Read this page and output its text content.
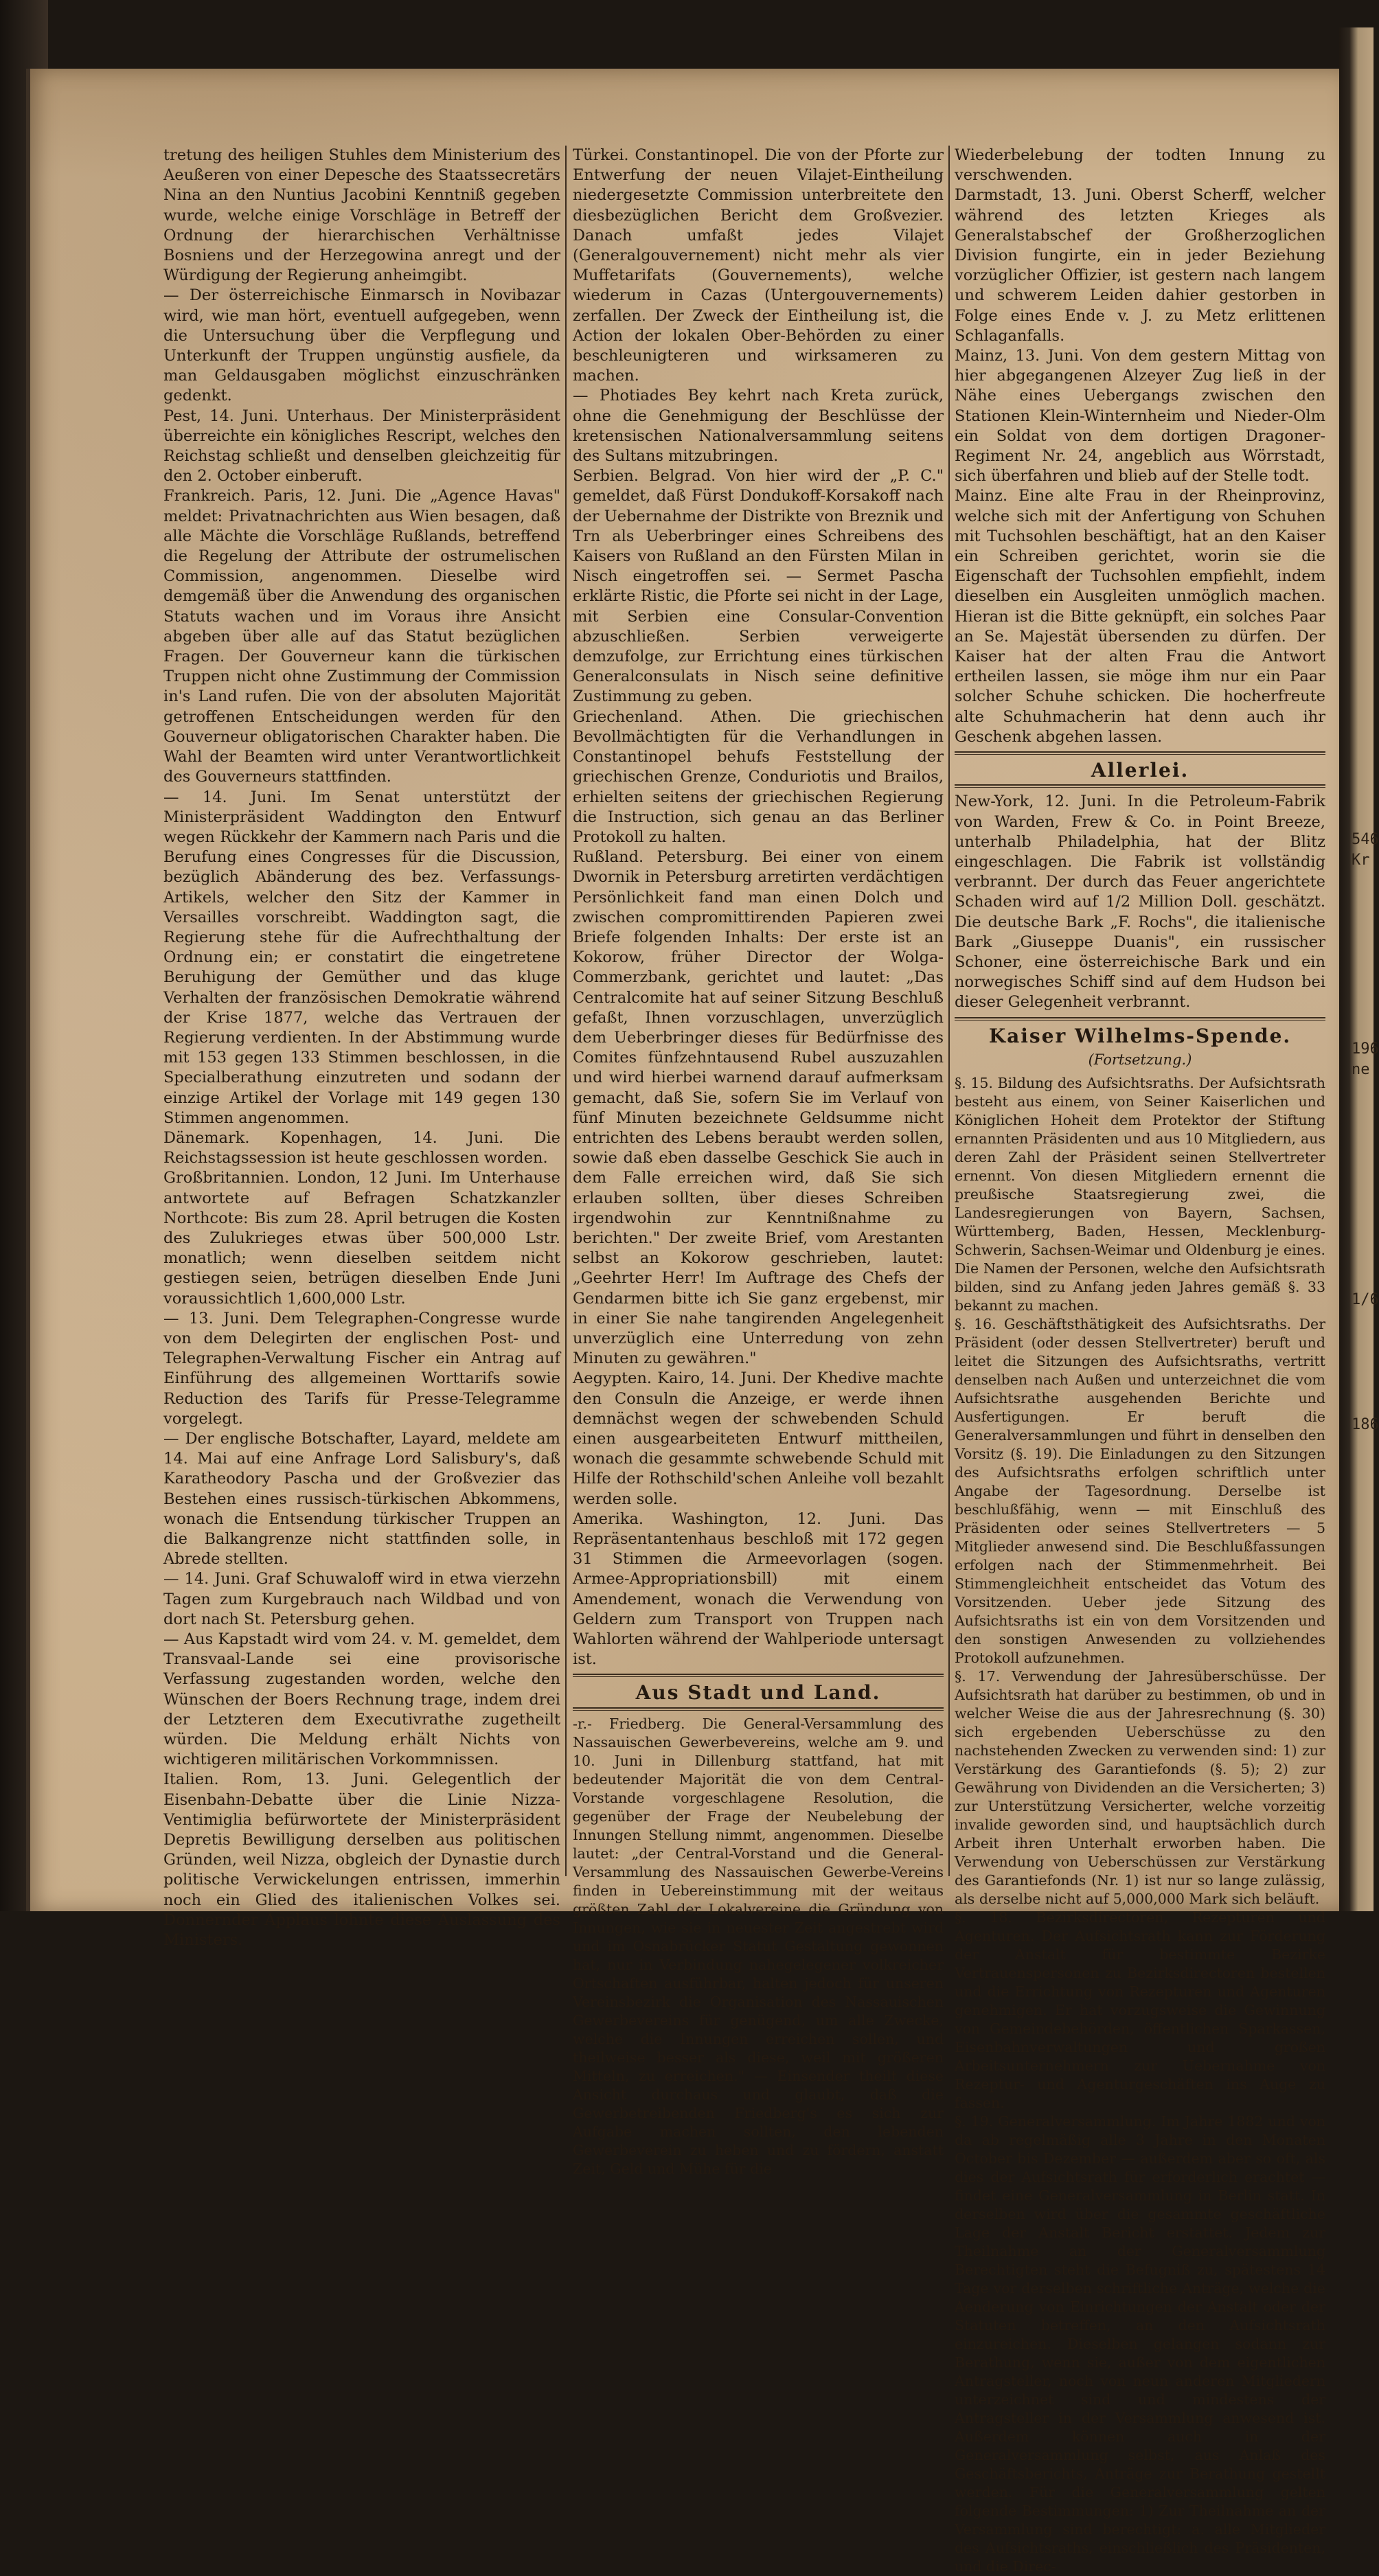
546
Kr
196
186
ne
1/6

tretung des heiligen Stuhles dem Ministerium des Aeußeren von einer Depesche des Staatssecretärs Nina an den Nuntius Jacobini Kenntniß gegeben wurde, welche einige Vorschläge in Betreff der Ordnung der hierarchischen Verhältnisse Bosniens und der Herzegowina anregt und der Würdigung der Regierung anheimgibt.

— Der österreichische Einmarsch in Novibazar wird, wie man hört, eventuell aufgegeben, wenn die Untersuchung über die Verpflegung und Unterkunft der Truppen ungünstig ausfiele, da man Geldausgaben möglichst einzuschränken gedenkt.

Pest, 14. Juni. Unterhaus. Der Ministerpräsident überreichte ein königliches Rescript, welches den Reichstag schließt und denselben gleichzeitig für den 2. October einberuft.

Frankreich. Paris, 12. Juni. Die „Agence Havas" meldet: Privatnachrichten aus Wien besagen, daß alle Mächte die Vorschläge Rußlands, betreffend die Regelung der Attribute der ostrumelischen Commission, angenommen. Dieselbe wird demgemäß über die Anwendung des organischen Statuts wachen und im Voraus ihre Ansicht abgeben über alle auf das Statut bezüglichen Fragen. Der Gouverneur kann die türkischen Truppen nicht ohne Zustimmung der Commission in's Land rufen. Die von der absoluten Majorität getroffenen Entscheidungen werden für den Gouverneur obligatorischen Charakter haben. Die Wahl der Beamten wird unter Verantwortlichkeit des Gouverneurs stattfinden.

— 14. Juni. Im Senat unterstützt der Ministerpräsident Waddington den Entwurf wegen Rückkehr der Kammern nach Paris und die Berufung eines Congresses für die Discussion, bezüglich Abänderung des bez. Verfassungs-Artikels, welcher den Sitz der Kammer in Versailles vorschreibt. Waddington sagt, die Regierung stehe für die Aufrechthaltung der Ordnung ein; er constatirt die eingetretene Beruhigung der Gemüther und das kluge Verhalten der französischen Demokratie während der Krise 1877, welche das Vertrauen der Regierung verdienten. In der Abstimmung wurde mit 153 gegen 133 Stimmen beschlossen, in die Specialberathung einzutreten und sodann der einzige Artikel der Vorlage mit 149 gegen 130 Stimmen angenommen.

Dänemark. Kopenhagen, 14. Juni. Die Reichstagssession ist heute geschlossen worden.

Großbritannien. London, 12 Juni. Im Unterhause antwortete auf Befragen Schatzkanzler Northcote: Bis zum 28. April betrugen die Kosten des Zulukrieges etwas über 500,000 Lstr. monatlich; wenn dieselben seitdem nicht gestiegen seien, betrügen dieselben Ende Juni voraussichtlich 1,600,000 Lstr.

— 13. Juni. Dem Telegraphen-Congresse wurde von dem Delegirten der englischen Post- und Telegraphen-Verwaltung Fischer ein Antrag auf Einführung des allgemeinen Worttarifs sowie Reduction des Tarifs für Presse-Telegramme vorgelegt.

— Der englische Botschafter, Layard, meldete am 14. Mai auf eine Anfrage Lord Salisbury's, daß Karatheodory Pascha und der Großvezier das Bestehen eines russisch-türkischen Abkommens, wonach die Entsendung türkischer Truppen an die Balkangrenze nicht stattfinden solle, in Abrede stellten.

— 14. Juni. Graf Schuwaloff wird in etwa vierzehn Tagen zum Kurgebrauch nach Wildbad und von dort nach St. Petersburg gehen.

— Aus Kapstadt wird vom 24. v. M. gemeldet, dem Transvaal-Lande sei eine provisorische Verfassung zugestanden worden, welche den Wünschen der Boers Rechnung trage, indem drei der Letzteren dem Executivrathe zugetheilt würden. Die Meldung erhält Nichts von wichtigeren militärischen Vorkommnissen.

Italien. Rom, 13. Juni. Gelegentlich der Eisenbahn-Debatte über die Linie Nizza-Ventimiglia befürwortete der Ministerpräsident Depretis Bewilligung derselben aus politischen Gründen, weil Nizza, obgleich der Dynastie durch politische Verwickelungen entrissen, immerhin noch ein Glied des italienischen Volkes sei. Donnernder Applaus lohnte diese Auslassung des Ministers.

Türkei. Constantinopel. Die von der Pforte zur Entwerfung der neuen Vilajet-Eintheilung niedergesetzte Commission unterbreitete den diesbezüglichen Bericht dem Großvezier. Danach umfaßt jedes Vilajet (Generalgouvernement) nicht mehr als vier Muffetarifats (Gouvernements), welche wiederum in Cazas (Untergouvernements) zerfallen. Der Zweck der Eintheilung ist, die Action der lokalen Ober-Behörden zu einer beschleunigteren und wirksameren zu machen.

— Photiades Bey kehrt nach Kreta zurück, ohne die Genehmigung der Beschlüsse der kretensischen Nationalversammlung seitens des Sultans mitzubringen.

Serbien. Belgrad. Von hier wird der „P. C." gemeldet, daß Fürst Dondukoff-Korsakoff nach der Uebernahme der Distrikte von Breznik und Trn als Ueberbringer eines Schreibens des Kaisers von Rußland an den Fürsten Milan in Nisch eingetroffen sei. — Sermet Pascha erklärte Ristic, die Pforte sei nicht in der Lage, mit Serbien eine Consular-Convention abzuschließen. Serbien verweigerte demzufolge, zur Errichtung eines türkischen Generalconsulats in Nisch seine definitive Zustimmung zu geben.

Griechenland. Athen. Die griechischen Bevollmächtigten für die Verhandlungen in Constantinopel behufs Feststellung der griechischen Grenze, Conduriotis und Brailos, erhielten seitens der griechischen Regierung die Instruction, sich genau an das Berliner Protokoll zu halten.

Rußland. Petersburg. Bei einer von einem Dwornik in Petersburg arretirten verdächtigen Persönlichkeit fand man einen Dolch und zwischen compromittirenden Papieren zwei Briefe folgenden Inhalts: Der erste ist an Kokorow, früher Director der Wolga-Commerzbank, gerichtet und lautet: „Das Centralcomite hat auf seiner Sitzung Beschluß gefaßt, Ihnen vorzuschlagen, unverzüglich dem Ueberbringer dieses für Bedürfnisse des Comites fünfzehntausend Rubel auszuzahlen und wird hierbei warnend darauf aufmerksam gemacht, daß Sie, sofern Sie im Verlauf von fünf Minuten bezeichnete Geldsumme nicht entrichten des Lebens beraubt werden sollen, sowie daß eben dasselbe Geschick Sie auch in dem Falle erreichen wird, daß Sie sich erlauben sollten, über dieses Schreiben irgendwohin zur Kenntnißnahme zu berichten." Der zweite Brief, vom Arestanten selbst an Kokorow geschrieben, lautet: „Geehrter Herr! Im Auftrage des Chefs der Gendarmen bitte ich Sie ganz ergebenst, mir in einer Sie nahe tangirenden Angelegenheit unverzüglich eine Unterredung von zehn Minuten zu gewähren."

Aegypten. Kairo, 14. Juni. Der Khedive machte den Consuln die Anzeige, er werde ihnen demnächst wegen der schwebenden Schuld einen ausgearbeiteten Entwurf mittheilen, wonach die gesammte schwebende Schuld mit Hilfe der Rothschild'schen Anleihe voll bezahlt werden solle.

Amerika. Washington, 12. Juni. Das Repräsentantenhaus beschloß mit 172 gegen 31 Stimmen die Armeevorlagen (sogen. Armee-Appropriationsbill) mit einem Amendement, wonach die Verwendung von Geldern zum Transport von Truppen nach Wahlorten während der Wahlperiode untersagt ist.

Aus Stadt und Land.

-r.- Friedberg. Die General-Versammlung des Nassauischen Gewerbevereins, welche am 9. und 10. Juni in Dillenburg stattfand, hat mit bedeutender Majorität die von dem Central-Vorstande vorgeschlagene Resolution, die gegenüber der Frage der Neubelebung der Innungen Stellung nimmt, angenommen. Dieselbe lautet: „der Central-Vorstand und die General-Versammlung des Nassauischen Gewerbe-Vereins finden in Uebereinstimmung mit der weitaus größten Zahl der Lokalvereine die Gründung von Innungen, wie sie in neuester Zeit angestrebt wird und im Osnabrücker Statut Gestaltung gewonnen hat, nur in Verbindung nahegelegener volkreicher Ortschaften ausführbar, halten jedoch für unseren Vereinsbezirk die Organisation des Nassauischen Gewerbevereins für genügend, um alle Zwecke, welche die Innungen erreichen sollen, und theilweise besser als diese, weil mit größeren Mitteln, zu erreichen." — Einsender theilt diese Ansicht durchaus und glaubt, daß die Gewerbetreibenden Friedberg's es sich zur Aufgabe machen sollten, den lebenden Gewerbeverein zu heben und zu fördern, anstatt Zeit, Geld und Mühe für die

Wiederbelebung der todten Innung zu verschwenden.

Darmstadt, 13. Juni. Oberst Scherff, welcher während des letzten Krieges als Generalstabschef der Großherzoglichen Division fungirte, ein in jeder Beziehung vorzüglicher Offizier, ist gestern nach langem und schwerem Leiden dahier gestorben in Folge eines Ende v. J. zu Metz erlittenen Schlaganfalls.

Mainz, 13. Juni. Von dem gestern Mittag von hier abgegangenen Alzeyer Zug ließ in der Nähe eines Uebergangs zwischen den Stationen Klein-Winternheim und Nieder-Olm ein Soldat von dem dortigen Dragoner-Regiment Nr. 24, angeblich aus Wörrstadt, sich überfahren und blieb auf der Stelle todt.

Mainz. Eine alte Frau in der Rheinprovinz, welche sich mit der Anfertigung von Schuhen mit Tuchsohlen beschäftigt, hat an den Kaiser ein Schreiben gerichtet, worin sie die Eigenschaft der Tuchsohlen empfiehlt, indem dieselben ein Ausgleiten unmöglich machen. Hieran ist die Bitte geknüpft, ein solches Paar an Se. Majestät übersenden zu dürfen. Der Kaiser hat der alten Frau die Antwort ertheilen lassen, sie möge ihm nur ein Paar solcher Schuhe schicken. Die hocherfreute alte Schuhmacherin hat denn auch ihr Geschenk abgehen lassen.

Allerlei.

New-York, 12. Juni. In die Petroleum-Fabrik von Warden, Frew & Co. in Point Breeze, unterhalb Philadelphia, hat der Blitz eingeschlagen. Die Fabrik ist vollständig verbrannt. Der durch das Feuer angerichtete Schaden wird auf 1/2 Million Doll. geschätzt. Die deutsche Bark „F. Rochs", die italienische Bark „Giuseppe Duanis", ein russischer Schoner, eine österreichische Bark und ein norwegisches Schiff sind auf dem Hudson bei dieser Gelegenheit verbrannt.

Kaiser Wilhelms-Spende.
(Fortsetzung.)

§. 15. Bildung des Aufsichtsraths. Der Aufsichtsrath besteht aus einem, von Seiner Kaiserlichen und Königlichen Hoheit dem Protektor der Stiftung ernannten Präsidenten und aus 10 Mitgliedern, aus deren Zahl der Präsident seinen Stellvertreter ernennt. Von diesen Mitgliedern ernennt die preußische Staatsregierung zwei, die Landesregierungen von Bayern, Sachsen, Württemberg, Baden, Hessen, Mecklenburg-Schwerin, Sachsen-Weimar und Oldenburg je eines. Die Namen der Personen, welche den Aufsichtsrath bilden, sind zu Anfang jeden Jahres gemäß §. 33 bekannt zu machen.

§. 16. Geschäftsthätigkeit des Aufsichtsraths. Der Präsident (oder dessen Stellvertreter) beruft und leitet die Sitzungen des Aufsichtsraths, vertritt denselben nach Außen und unterzeichnet die vom Aufsichtsrathe ausgehenden Berichte und Ausfertigungen. Er beruft die Generalversammlungen und führt in denselben den Vorsitz (§. 19). Die Einladungen zu den Sitzungen des Aufsichtsraths erfolgen schriftlich unter Angabe der Tagesordnung. Derselbe ist beschlußfähig, wenn — mit Einschluß des Präsidenten oder seines Stellvertreters — 5 Mitglieder anwesend sind. Die Beschlußfassungen erfolgen nach der Stimmenmehrheit. Bei Stimmengleichheit entscheidet das Votum des Vorsitzenden. Ueber jede Sitzung des Aufsichtsraths ist ein von dem Vorsitzenden und den sonstigen Anwesenden zu vollziehendes Protokoll aufzunehmen.

§. 17. Verwendung der Jahresüberschüsse. Der Aufsichtsrath hat darüber zu bestimmen, ob und in welcher Weise die aus der Jahresrechnung (§. 30) sich ergebenden Ueberschüsse zu den nachstehenden Zwecken zu verwenden sind: 1) zur Verstärkung des Garantiefonds (§. 5); 2) zur Gewährung von Dividenden an die Versicherten; 3) zur Unterstützung Versicherter, welche vorzeitig invalide geworden sind, und hauptsächlich durch Arbeit ihren Unterhalt erworben haben. Die Verwendung von Ueberschüssen zur Verstärkung des Garantiefonds (Nr. 1) ist nur so lange zulässig, als derselbe nicht auf 5,000,000 Mark sich beläuft.

§. 18. Bezirksdirectoren, Rezepturen und Agenturen. Der Aufsichtsrath kann zur Förderung der Anstalt für bestimmte Bezirke Vertrauenspersonen zu Bezirksdirectoren bestellen und die Errichtung von Rezepturen und Agenturen genehmigen. Er hat vorzugsweise die Gewinnung von Gemeindebehörden, öffentlichen Sparkassen, Eisenbahnverwaltungen und großen Arbeitsunternehmern zur Uebernahme von Rezeptur- und Agenturgeschäften ins Auge zu fassen.

§. 19. Generalversammlung. Im Jahre 1882 und von da ab regelmäßig alle 3 Jahre in den Monaten October bis Dezember — außerdem aber so oft, als dies der Aufsichtsrath für erforderlich erachtet — findet eine Generalversammlung in Berlin statt. In derselben wird über die gesammte geschäftliche Lage der Anstalt Bericht erstattet. Jedem zur Theilnahme an der Generalversammlung Berechtigten steht die Befugniß zu, spätestens 14 Tage vor derselben schriftliche Anträge, welche die Aenderung von Einrichtungen der Anstalt oder der Statuten betreffen, an den Aufsichtsrath einzureichen. Dieselben gelangen sodann zur Berathung, wenn sie, außer von dem eigentlichen Antragsteller, noch von neun anderen Mitgliedern unterzeichnet sind und mindestens der Antragsteller in der Versammlung anwesend ist. Außerdem können auch in der Generalversammlung selbst, aus Anlaß des Geschäftsberichts, Anträge zur Berathung gestellt werden. Für die Generalversammlung gelten folgende Bestimmungen: 1) Zur Theilnahme an der Versammlung sind berechtigt: a. alle Mitglieder des Aufsichtsraths, einschließlich des Präsidenten, und die Direc-
